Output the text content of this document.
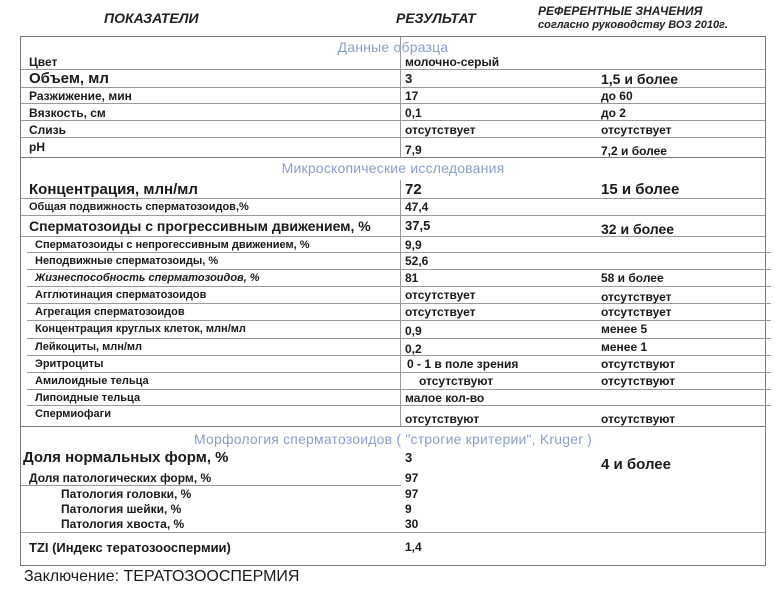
ПОКАЗАТЕЛИ	РЕЗУЛЬТАТ	РЕФЕРЕНТНЫЕ ЗНАЧЕНИЯ
согласно руководству ВОЗ 2010г.
Данные образца
Цвет	молочно-серый
Объем, мл	3	1,5 и более
Разжижение, мин	17	до 60
Вязкость, см	0,1	до 2
Слизь	отсутствует	отсутствует
рН	7,9	7,2 и более
Микроскопические исследования
Концентрация, млн/мл	72	15 и более
Общая подвижность сперматозоидов,%	47,4
Сперматозоиды с прогрессивным движением, %	37,5	32 и более
Сперматозоиды с непрогессивным движением, %	9,9
Неподвижные сперматозоиды, %	52,6
Жизнеспособность сперматозоидов, %	81	58 и более
Агглютинация сперматозоидов	отсутствует	отсутствует
Агрегация сперматозоидов	отсутствует	отсутствует
Концентрация круглых клеток, млн/мл	0,9	менее 5
Лейкоциты, млн/мл	0,2	менее 1
Эритроциты	0 - 1 в поле зрения	отсутствуют
Амилоидные тельца	отсутствуют	отсутствуют
Липоидные тельца	малое кол-во
Спермиофаги	отсутствуют	отсутствуют
Морфология сперматозоидов ( "строгие критерии", Kruger )
Доля нормальных форм, %	3	4 и более
Доля патологических форм, %	97
Патология головки, %	97
Патология шейки, %	9
Патология хвоста, %	30
TZI (Индекс тератозооспермии)	1,4
Заключение: ТЕРАТОЗООСПЕРМИЯ
